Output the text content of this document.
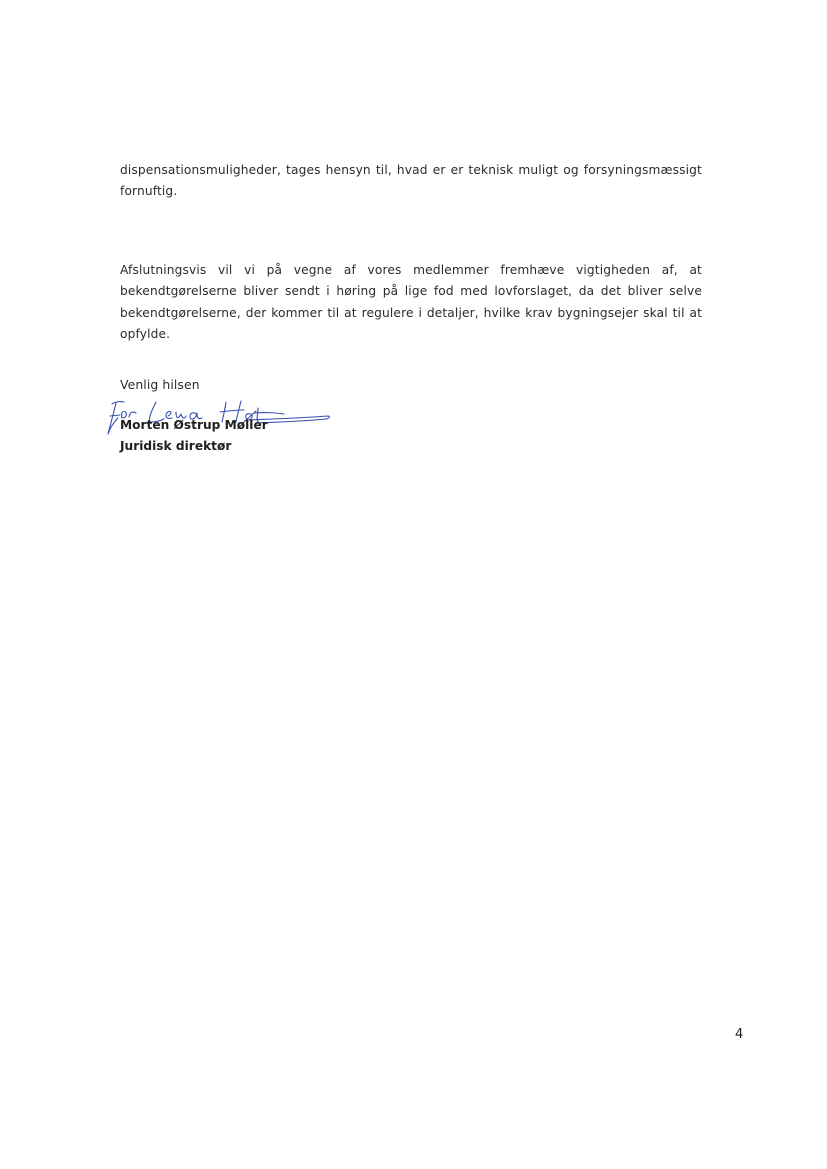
dispensationsmuligheder, tages hensyn til, hvad er er teknisk muligt og forsyningsmæssigt fornuftig.

Afslutningsvis vil vi på vegne af vores medlemmer fremhæve vigtigheden af, at bekendtgørelserne bliver sendt i høring på lige fod med lovforslaget, da det bliver selve bekendtgørelserne, der kommer til at regulere i detaljer, hvilke krav bygningsejer skal til at opfylde.

Venlig hilsen

Morten Østrup Møller

Juridisk direktør

4
